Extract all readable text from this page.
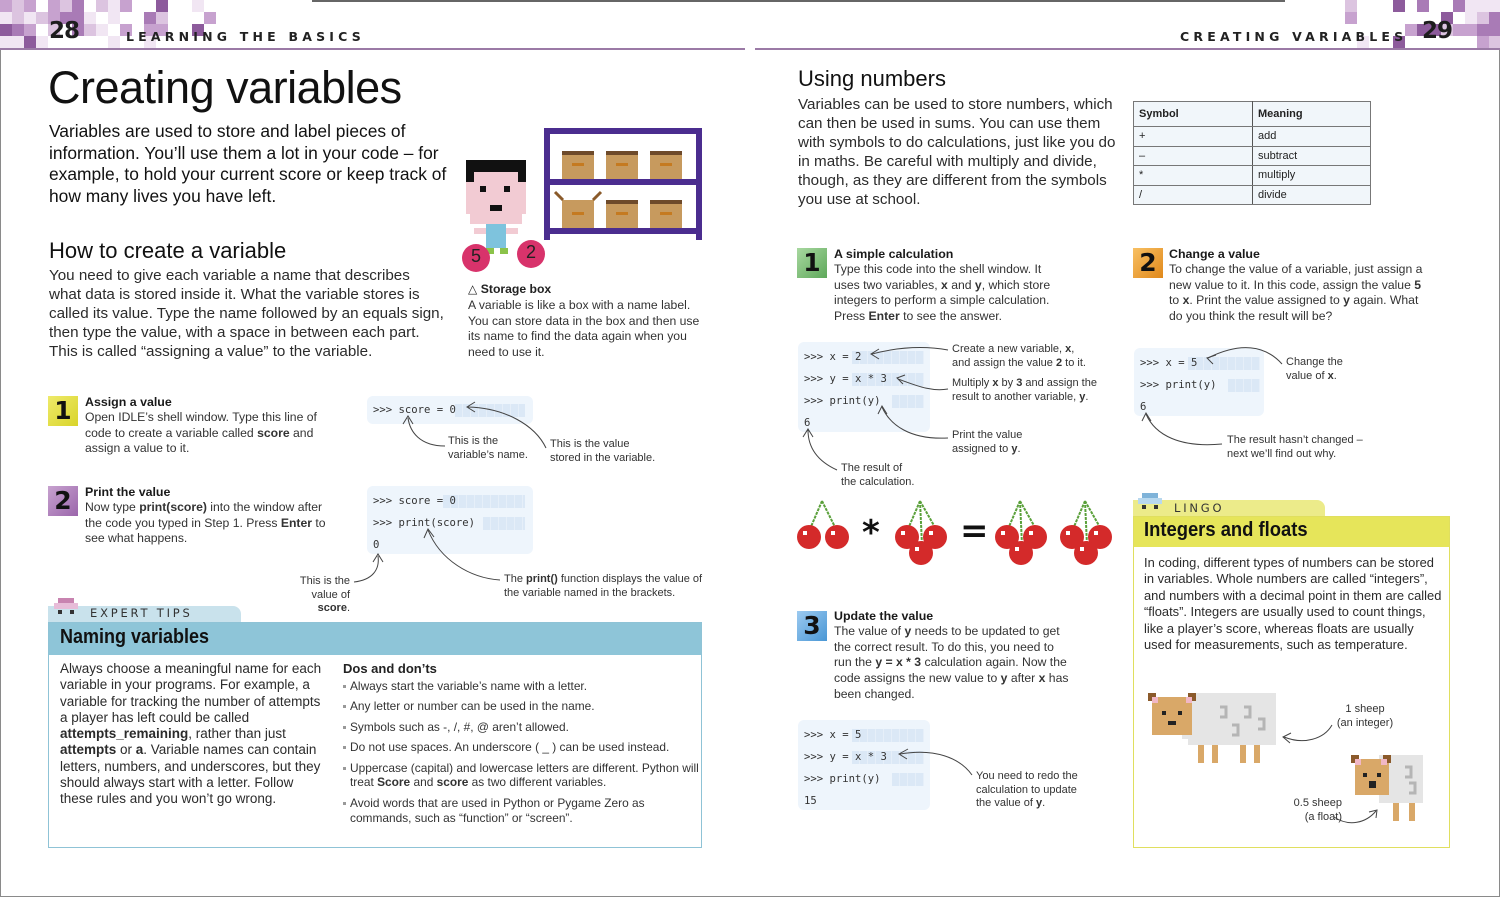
28	LEARNING THE BASICS	CREATING VARIABLES 29
Creating variables

Variables are used to store and label pieces of information. You’ll use them a lot in your code – for example, to hold your current score or keep track of how many lives you have left.

How to create a variable

You need to give each variable a name that describes what data is stored inside it. What the variable stores is called its value. Type the name followed by an equals sign, then type the value, with a space in between each part. This is called “assigning a value” to the variable.

5	2
△ Storage box

A variable is like a box with a name label. You can store data in the box and then use its name to find the data again when you need to use it.

1	Assign a value

Open IDLE’s shell window. Type this line of code to create a variable called score and assign a value to it.

>>> score = 0
This is the variable’s name.
This is the value stored in the variable.
2	Print the value

Now type print(score) into the window after the code you typed in Step 1. Press Enter to see what happens.

>>> score = 0
>>> print(score)
0
This is the
value of score.
The print() function displays the value of the variable named in the brackets.
EXPERT TIPS
Naming variables

Always choose a meaningful name for each variable in your programs. For example, a variable for tracking the number of attempts a player has left could be called attempts_remaining, rather than just attempts or a. Variable names can contain letters, numbers, and underscores, but they should always start with a letter. Follow these rules and you won’t go wrong.

Dos and don’ts
Always start the variable’s name with a letter.
Any letter or number can be used in the name.
Symbols such as -, /, #, @ aren’t allowed.
Do not use spaces. An underscore ( _ ) can be used instead.
Uppercase (capital) and lowercase letters are different. Python will treat Score and score as two different variables.
Avoid words that are used in Python or Pygame Zero as commands, such as “function” or “screen”.
Using numbers

Variables can be used to store numbers, which can then be used in sums. You can use them with symbols to do calculations, just like you do in maths. Be careful with multiply and divide, though, as they are different from the symbols you use at school.

Symbol	Meaning
+	add
–	subtract
*	multiply
/	divide
1	A simple calculation

Type this code into the shell window. It uses two variables, x and y, which store integers to perform a simple calculation. Press Enter to see the answer.

>>> x = 2
>>> y = x * 3
>>> print(y)
6
Create a new variable, x,
and assign the value 2 to it.
Multiply x by 3 and assign the
result to another variable, y.
Print the value
assigned to y.
The result of
the calculation.
2 Change a value

To change the value of a variable, just assign a new value to it. In this code, assign the value 5 to x. Print the value assigned to y again. What do you think the result will be?

>>> x = 5
>>> print(y)
6
Change the
value of x.
The result hasn’t changed –
next we’ll find out why.
* =
3	Update the value

The value of y needs to be updated to get the correct result. To do this, you need to run the y = x * 3 calculation again. Now the code assigns the new value to y after x has been changed.

>>> x = 5
>>> y = x * 3
>>> print(y)
15
You need to redo the
calculation to update
the value of y.
LINGO
Integers and floats

In coding, different types of numbers can be stored in variables. Whole numbers are called “integers”, and numbers with a decimal point in them are called “floats”. Integers are usually used to count things, like a player’s score, whereas floats are usually used for measurements, such as temperature.

1 sheep
(an integer)
0.5 sheep
(a float)
